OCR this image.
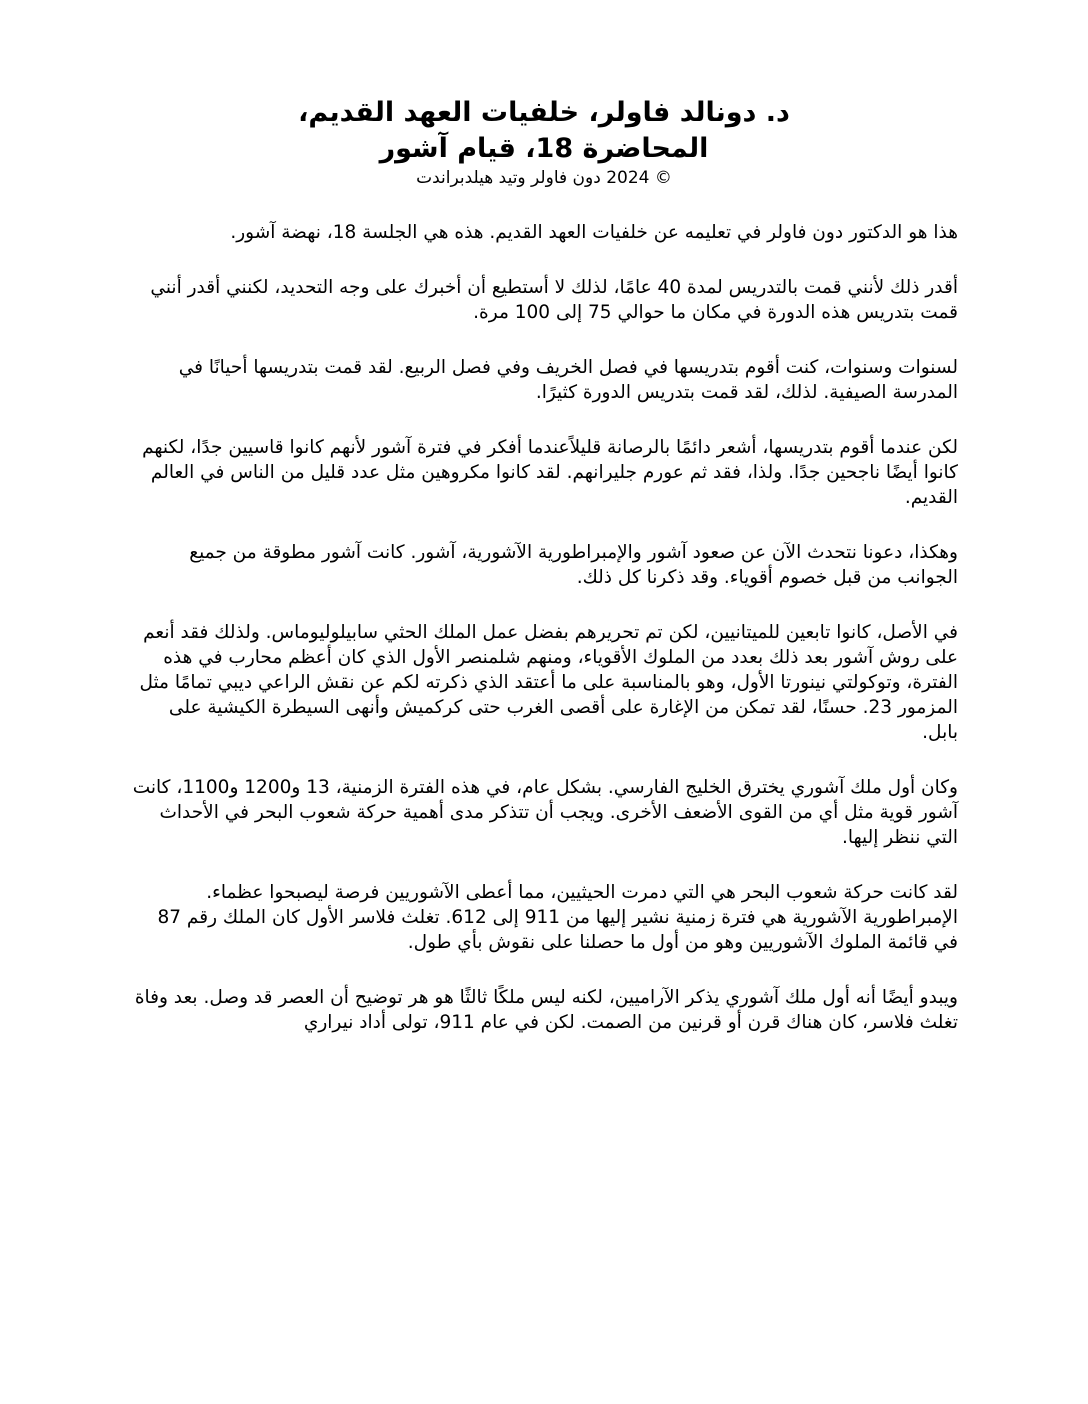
د. دونالد فاولر، خلفيات العهد القديم،

المحاضرة 18، قيام آشور

© 2024 دون فاولر وتيد هيلدبراندت

هذا هو الدكتور دون فاولر في تعليمه عن خلفيات العهد القديم. هذه هي الجلسة 18، نهضة آشور.

أقدر ذلك لأنني قمت بالتدريس لمدة 40 عامًا، لذلك لا أستطيع أن أخبرك على وجه التحديد، لكنني أقدر أنني قمت بتدريس هذه الدورة في مكان ما حوالي 75 إلى 100 مرة.

لسنوات وسنوات، كنت أقوم بتدريسها في فصل الخريف وفي فصل الربيع. لقد قمت بتدريسها أحيانًا في المدرسة الصيفية. لذلك، لقد قمت بتدريس الدورة كثيرًا.

لكن عندما أقوم بتدريسها، أشعر دائمًا بالرصانة قليلاًعندما أفكر في فترة آشور لأنهم كانوا قاسيين جدًا، لكنهم كانوا أيضًا ناجحين جدًا. ولذا، فقد ثم عورم جليرانهم. لقد كانوا مكروهين مثل عدد قليل من الناس في العالم القديم.

وهكذا، دعونا نتحدث الآن عن صعود آشور والإمبراطورية الآشورية، آشور. كانت آشور مطوقة من جميع الجوانب من قبل خصوم أقوياء. وقد ذكرنا كل ذلك.

في الأصل، كانوا تابعين للميتانيين، لكن تم تحريرهم بفضل عمل الملك الحثي سابيلوليوماس. ولذلك فقد أنعم على روش آشور بعد ذلك بعدد من الملوك الأقوياء، ومنهم شلمنصر الأول الذي كان أعظم محارب في هذه الفترة، وتوكولتي نينورتا الأول، وهو بالمناسبة على ما أعتقد الذي ذكرته لكم عن نقش الراعي ديبي تمامًا مثل المزمور 23. حسنًا، لقد تمكن من الإغارة على أقصى الغرب حتى كركميش وأنهى السيطرة الكيشية على بابل.

وكان أول ملك آشوري يخترق الخليج الفارسي. بشكل عام، في هذه الفترة الزمنية، 13 و1200 و1100، كانت آشور قوية مثل أي من القوى الأضعف الأخرى. ويجب أن تتذكر مدى أهمية حركة شعوب البحر في الأحداث التي ننظر إليها.

لقد كانت حركة شعوب البحر هي التي دمرت الحيثيين، مما أعطى الآشوريين فرصة ليصبحوا عظماء. الإمبراطورية الآشورية هي فترة زمنية نشير إليها من 911 إلى 612. تغلث فلاسر الأول كان الملك رقم 87 في قائمة الملوك الآشوريين وهو من أول ما حصلنا على نقوش بأي طول.

ويبدو أيضًا أنه أول ملك آشوري يذكر الآراميين، لكنه ليس ملكًا ثالثًا هو هر توضيح أن العصر قد وصل. بعد وفاة تغلث فلاسر، كان هناك قرن أو قرنين من الصمت. لكن في عام 911، تولى أداد نيراري
